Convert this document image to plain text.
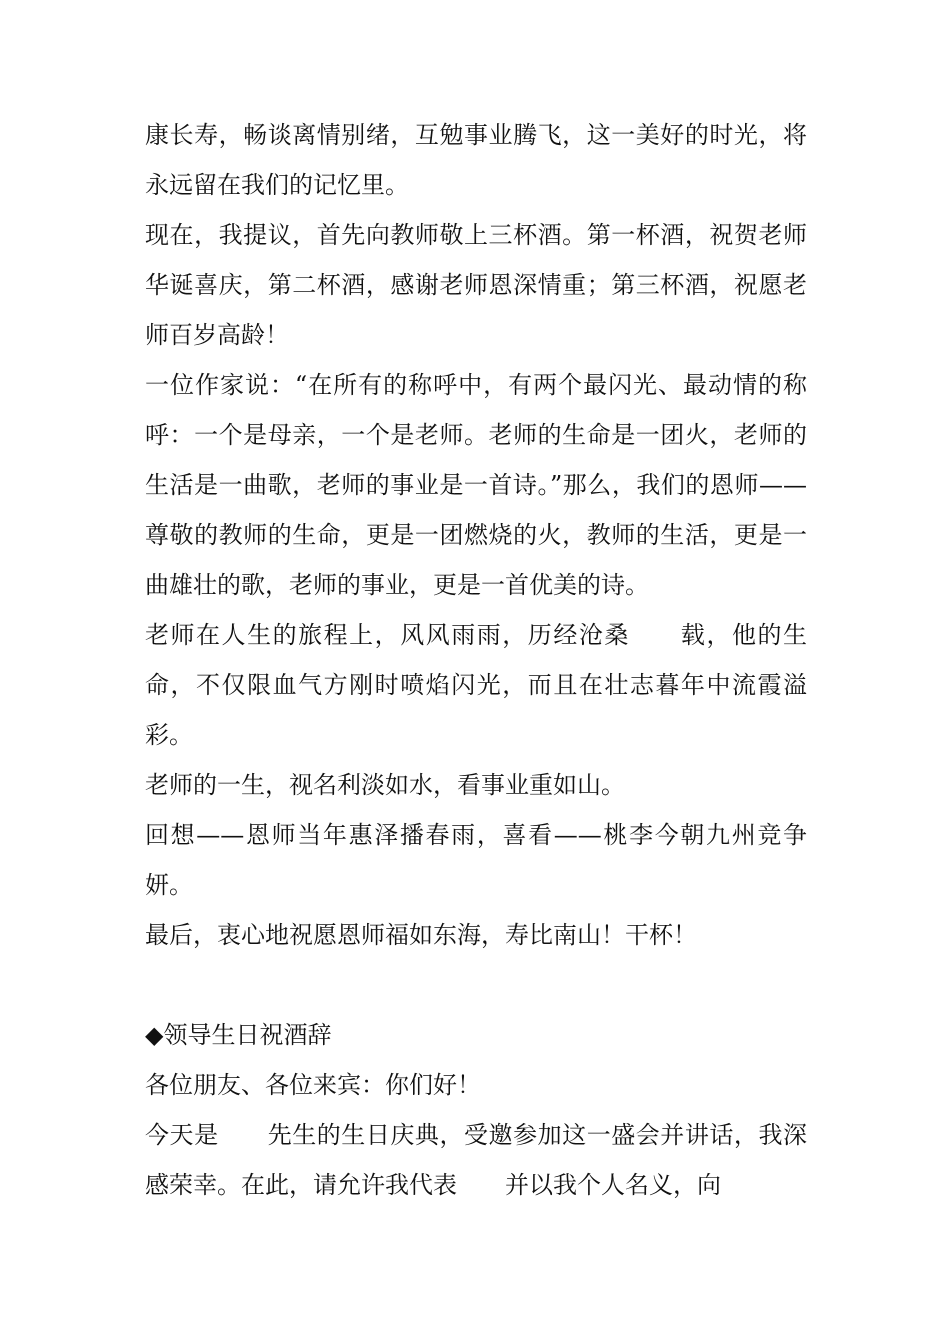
康长寿，畅谈离情别绪，互勉事业腾飞，这一美好的时光，将永远留在我们的记忆里。

现在，我提议，首先向教师敬上三杯酒。第一杯酒，祝贺老师华诞喜庆，第二杯酒，感谢老师恩深情重；第三杯酒，祝愿老师百岁高龄！

一位作家说：“在所有的称呼中，有两个最闪光、最动情的称呼：一个是母亲，一个是老师。老师的生命是一团火，老师的生活是一曲歌，老师的事业是一首诗。”那么，我们的恩师——尊敬的教师的生命，更是一团燃烧的火，教师的生活，更是一曲雄壮的歌，老师的事业，更是一首优美的诗。

老师在人生的旅程上，风风雨雨，历经沧桑　　载，他的生命，不仅限血气方刚时喷焰闪光，而且在壮志暮年中流霞溢彩。

老师的一生，视名利淡如水，看事业重如山。

回想——恩师当年惠泽播春雨，喜看——桃李今朝九州竞争妍。

最后，衷心地祝愿恩师福如东海，寿比南山！干杯！

◆领导生日祝酒辞

各位朋友、各位来宾：你们好！

今天是　　先生的生日庆典，受邀参加这一盛会并讲话，我深感荣幸。在此，请允许我代表　　并以我个人名义，向
